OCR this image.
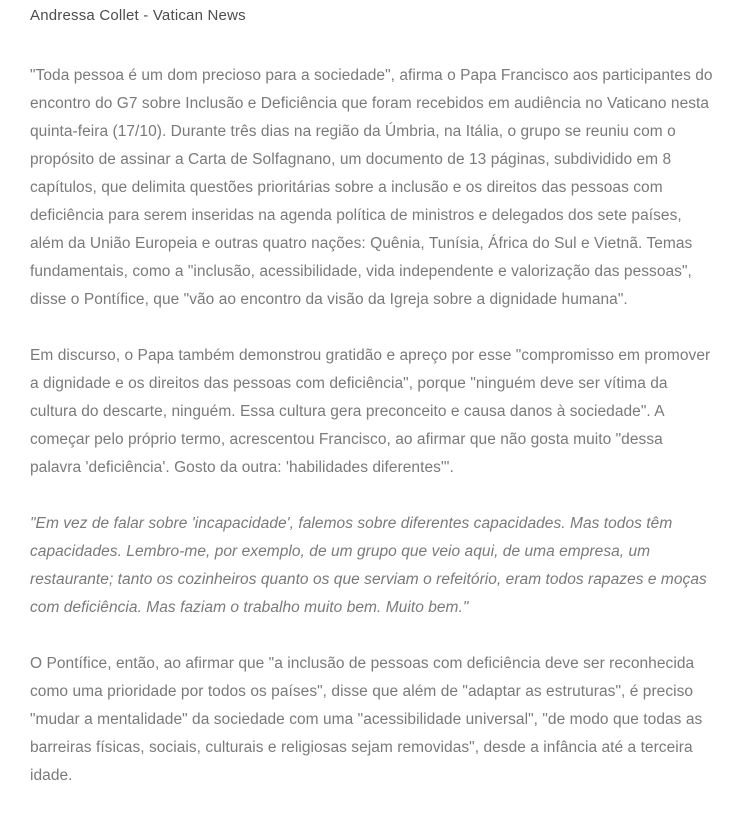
Andressa Collet - Vatican News

"Toda pessoa é um dom precioso para a sociedade", afirma o Papa Francisco aos participantes do encontro do G7 sobre Inclusão e Deficiência que foram recebidos em audiência no Vaticano nesta quinta-feira (17/10). Durante três dias na região da Úmbria, na Itália, o grupo se reuniu com o propósito de assinar a Carta de Solfagnano, um documento de 13 páginas, subdividido em 8 capítulos, que delimita questões prioritárias sobre a inclusão e os direitos das pessoas com deficiência para serem inseridas na agenda política de ministros e delegados dos sete países, além da União Europeia e outras quatro nações: Quênia, Tunísia, África do Sul e Vietnã. Temas fundamentais, como a "inclusão, acessibilidade, vida independente e valorização das pessoas", disse o Pontífice, que "vão ao encontro da visão da Igreja sobre a dignidade humana".

Em discurso, o Papa também demonstrou gratidão e apreço por esse "compromisso em promover a dignidade e os direitos das pessoas com deficiência", porque "ninguém deve ser vítima da cultura do descarte, ninguém. Essa cultura gera preconceito e causa danos à sociedade". A começar pelo próprio termo, acrescentou Francisco, ao afirmar que não gosta muito "dessa palavra 'deficiência'. Gosto da outra: 'habilidades diferentes'".

"Em vez de falar sobre 'incapacidade', falemos sobre diferentes capacidades. Mas todos têm capacidades. Lembro-me, por exemplo, de um grupo que veio aqui, de uma empresa, um restaurante; tanto os cozinheiros quanto os que serviam o refeitório, eram todos rapazes e moças com deficiência. Mas faziam o trabalho muito bem. Muito bem."

O Pontífice, então, ao afirmar que "a inclusão de pessoas com deficiência deve ser reconhecida como uma prioridade por todos os países", disse que além de "adaptar as estruturas", é preciso "mudar a mentalidade" da sociedade com uma "acessibilidade universal", "de modo que todas as barreiras físicas, sociais, culturais e religiosas sejam removidas", desde a infância até a terceira idade.
